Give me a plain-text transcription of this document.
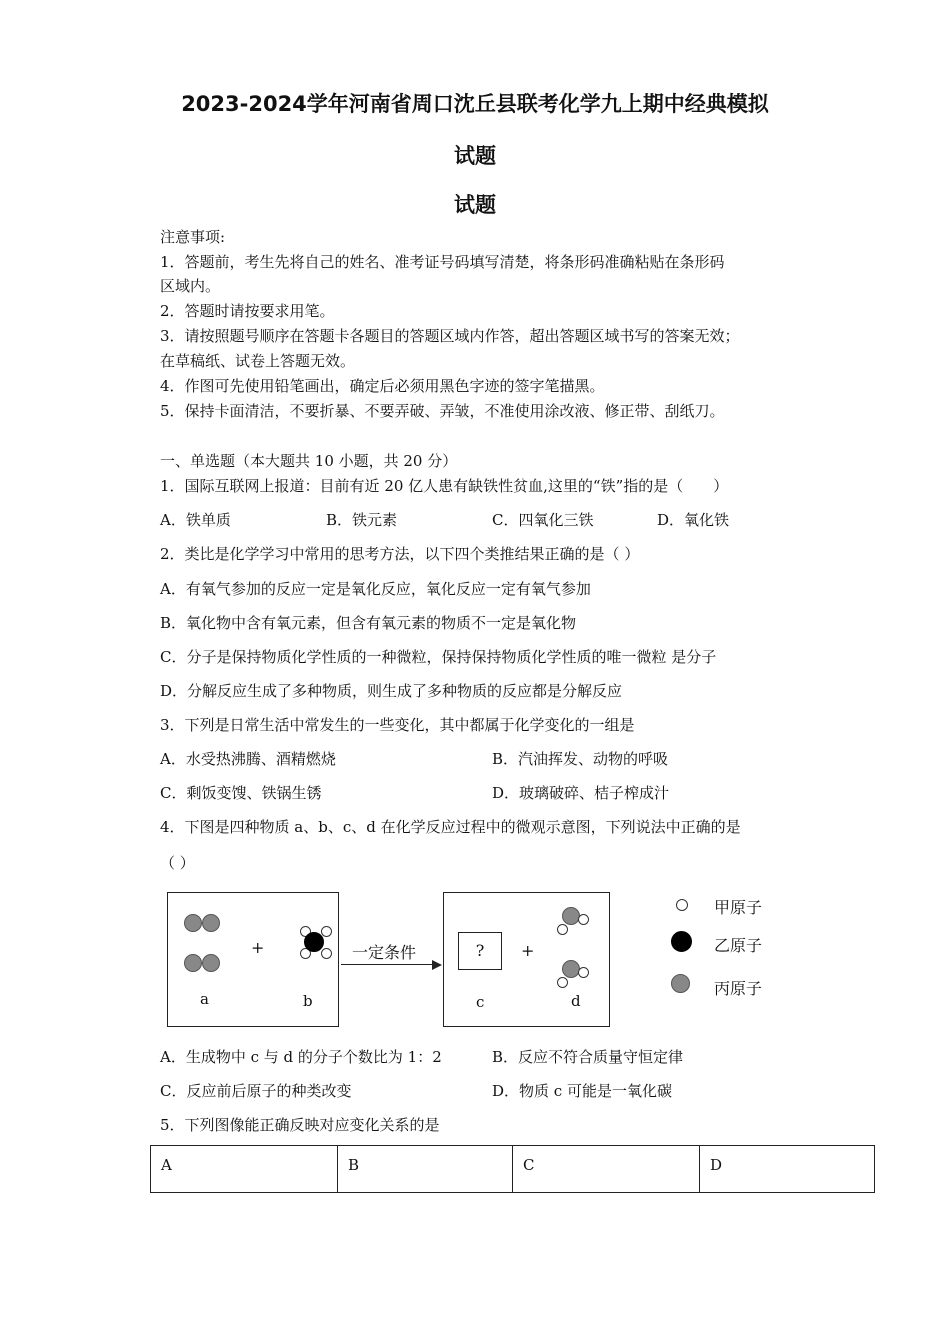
2023-2024学年河南省周口沈丘县联考化学九上期中经典模拟
试题
试题
注意事项:
1．答题前，考生先将自己的姓名、准考证号码填写清楚，将条形码准确粘贴在条形码
区域内。
2．答题时请按要求用笔。
3．请按照题号顺序在答题卡各题目的答题区域内作答，超出答题区域书写的答案无效；
在草稿纸、试卷上答题无效。
4．作图可先使用铅笔画出，确定后必须用黑色字迹的签字笔描黑。
5．保持卡面清洁，不要折暴、不要弄破、弄皱，不准使用涂改液、修正带、刮纸刀。
一、单选题（本大题共 10 小题，共 20 分）
1．国际互联网上报道：目前有近 20 亿人患有缺铁性贫血,这里的“铁”指的是（　　）
A．铁单质	B．铁元素	C．四氧化三铁	D．氧化铁
2．类比是化学学习中常用的思考方法，以下四个类推结果正确的是（ ）
A．有氧气参加的反应一定是氧化反应，氧化反应一定有氧气参加
B．氧化物中含有氧元素，但含有氧元素的物质不一定是氧化物
C．分子是保持物质化学性质的一种微粒，保持保持物质化学性质的唯一微粒 是分子
D．分解反应生成了多种物质，则生成了多种物质的反应都是分解反应
3．下列是日常生活中常发生的一些变化，其中都属于化学变化的一组是
A．水受热沸腾、酒精燃烧	B．汽油挥发、动物的呼吸
C．剩饭变馊、铁锅生锈	D．玻璃破碎、桔子榨成汁
4．下图是四种物质 a、b、c、d 在化学反应过程中的微观示意图，下列说法中正确的是
（ ）
a
+
b
一定条件	?
c
+
d
甲原子
乙原子
丙原子
A．生成物中 c 与 d 的分子个数比为 1：2	B．反应不符合质量守恒定律
C．反应前后原子的种类改变	D．物质 c 可能是一氧化碳
5．下列图像能正确反映对应变化关系的是
A	B	C	D
